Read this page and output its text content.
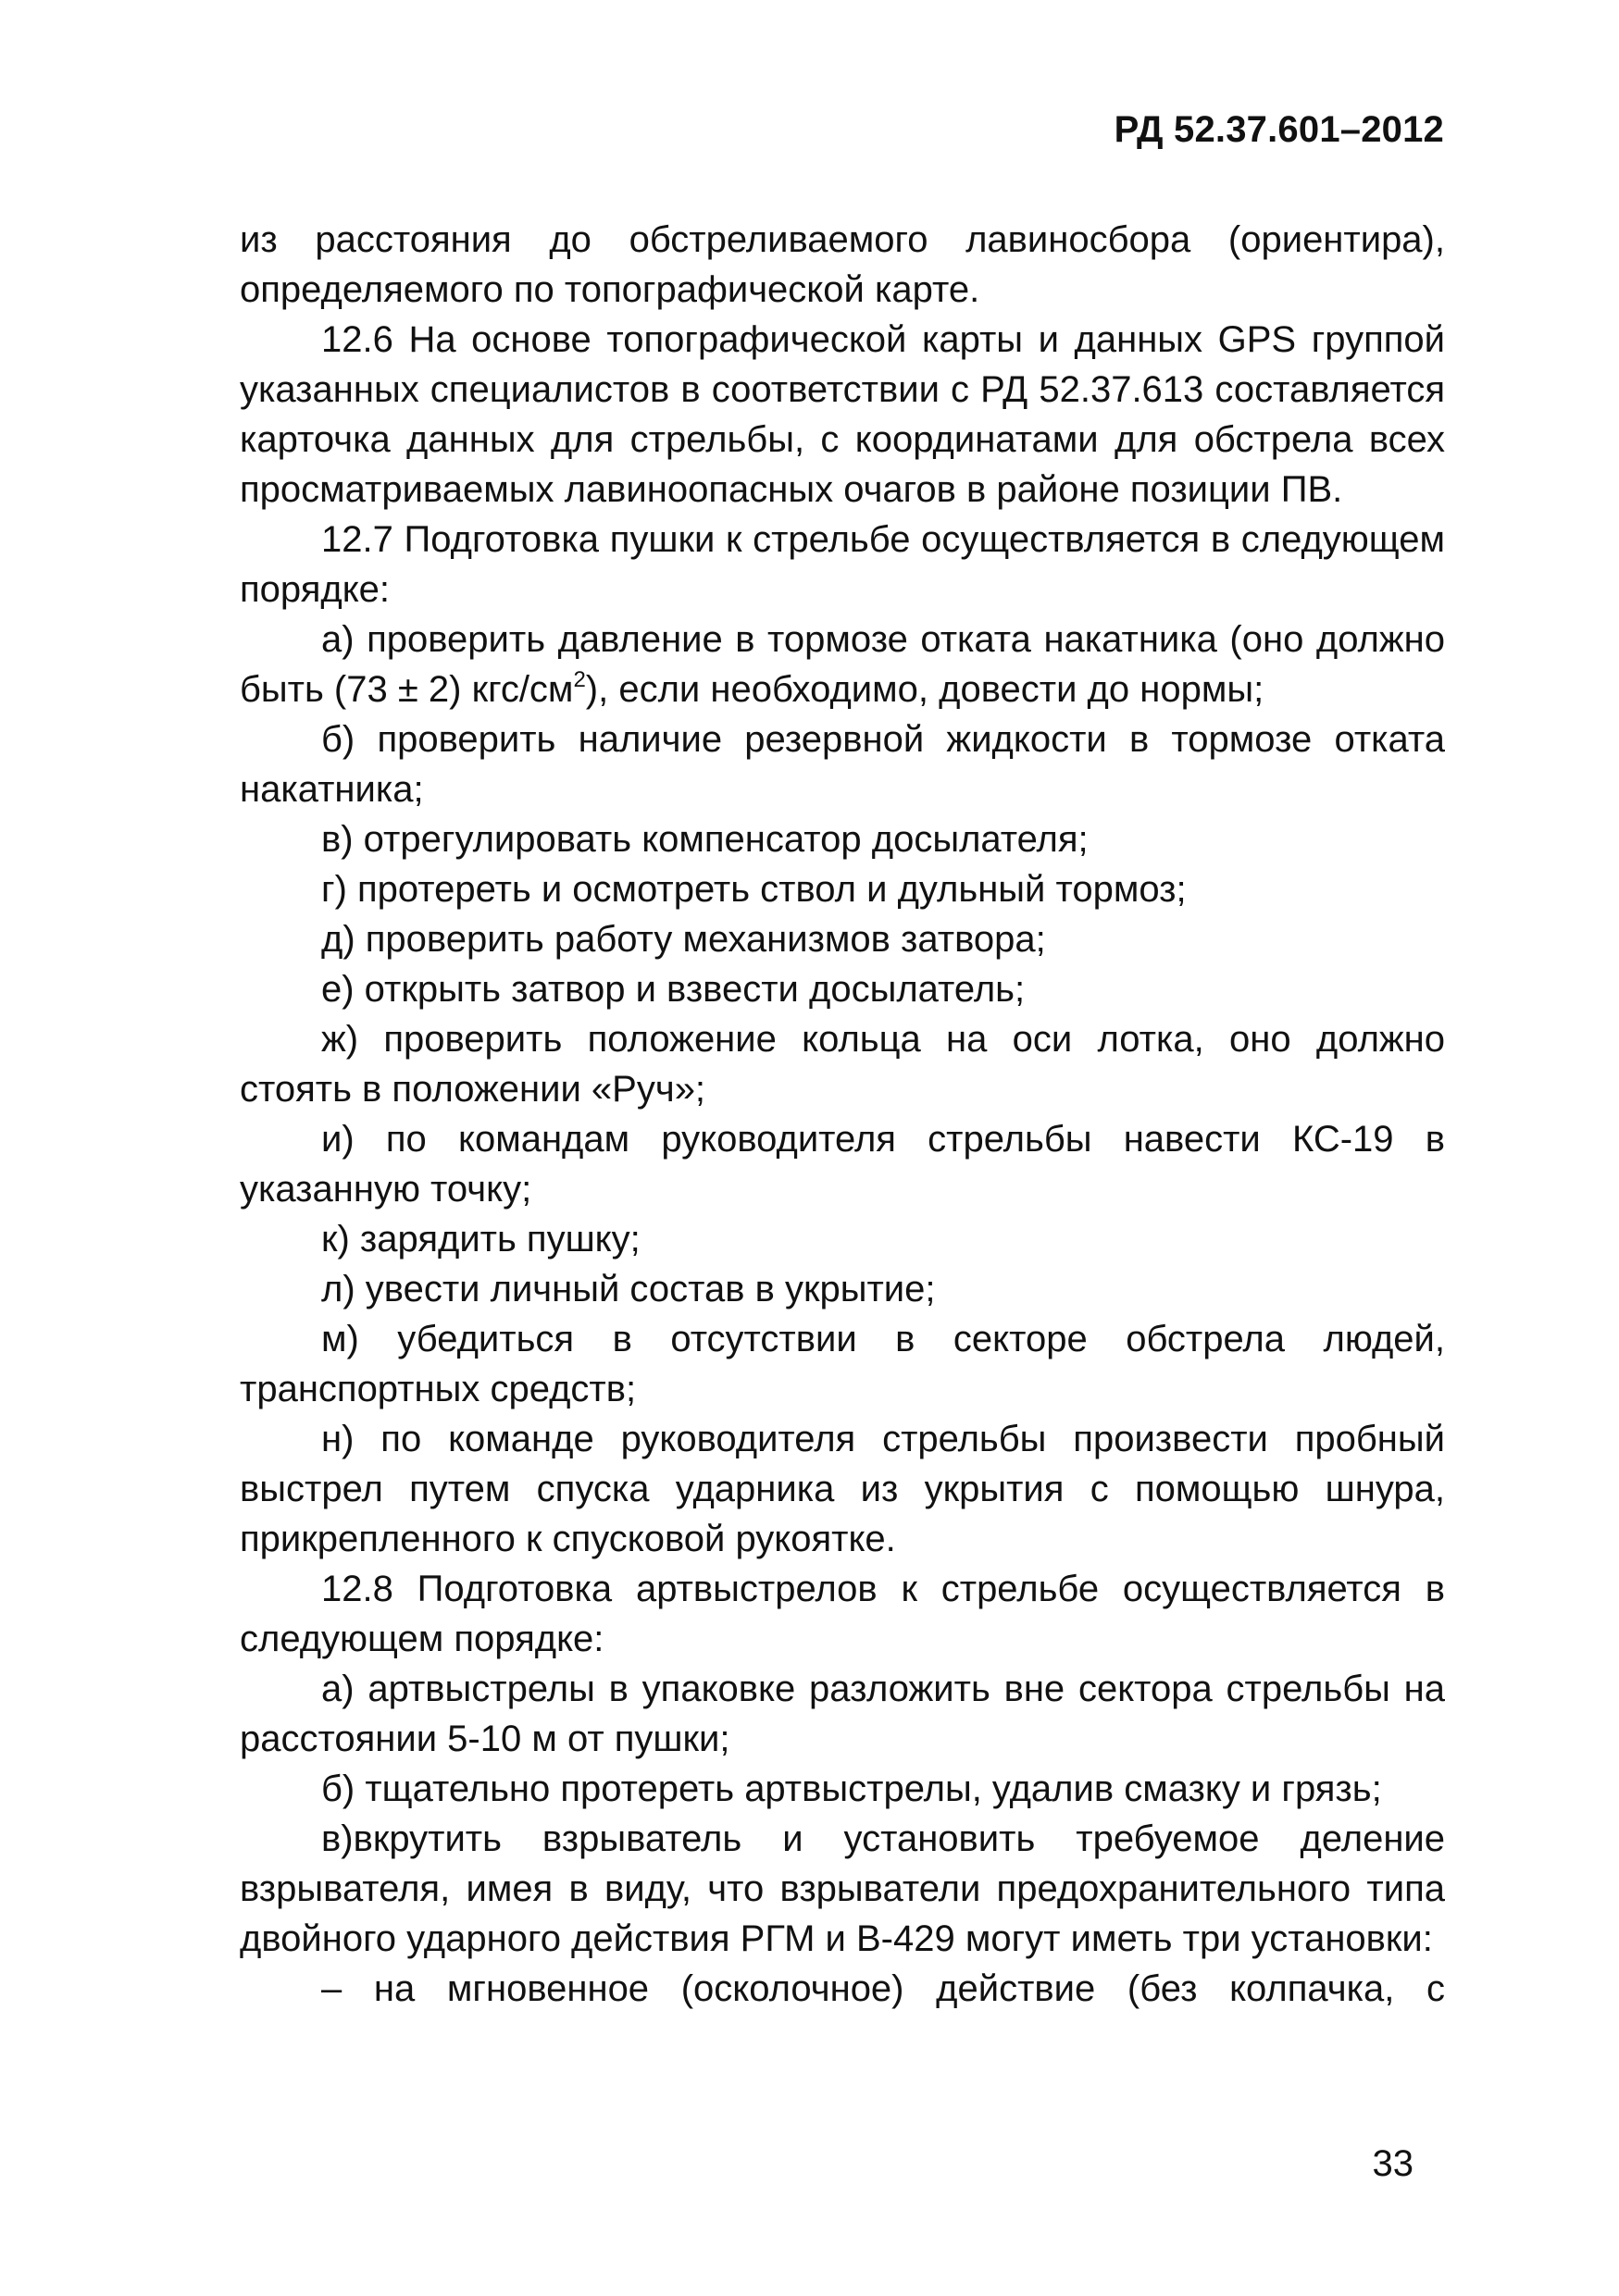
РД 52.37.601–2012

из расстояния до обстреливаемого лавиносбора (ориентира), определяемого по топографической карте.

12.6 На основе топографической карты и данных GPS группой указанных специалистов в соответствии с РД 52.37.613 составляется карточка данных для стрельбы, с координатами для обстрела всех просматриваемых лавиноопасных очагов в районе позиции ПВ.

12.7 Подготовка пушки к стрельбе осуществляется в следующем порядке:

а) проверить давление в тормозе отката накатника (оно должно быть (73 ± 2) кгс/$см^2$), если необходимо, довести до нормы;

б) проверить наличие резервной жидкости в тормозе отката накатника;

в) отрегулировать компенсатор досылателя;

г) протереть и осмотреть ствол и дульный тормоз;

д) проверить работу механизмов затвора;

е) открыть затвор и взвести досылатель;

ж) проверить положение кольца на оси лотка, оно должно стоять в положении «Руч»;

и) по командам руководителя стрельбы навести КС-19 в указанную точку;

к) зарядить пушку;

л) увести личный состав в укрытие;

м) убедиться в отсутствии в секторе обстрела людей, транспортных средств;

н) по команде руководителя стрельбы произвести пробный выстрел путем спуска ударника из укрытия с помощью шнура, прикрепленного к спусковой рукоятке.

12.8 Подготовка артвыстрелов к стрельбе осуществляется в следующем порядке:

а) артвыстрелы в упаковке разложить вне сектора стрельбы на расстоянии 5-10 м от пушки;

б) тщательно протереть артвыстрелы, удалив смазку и грязь;

в)вкрутить взрыватель и установить требуемое деление взрывателя, имея в виду, что взрыватели предохранительного типа двойного ударного действия РГМ и В-429 могут иметь три установки:

– на мгновенное (осколочное) действие (без колпачка, с

33
